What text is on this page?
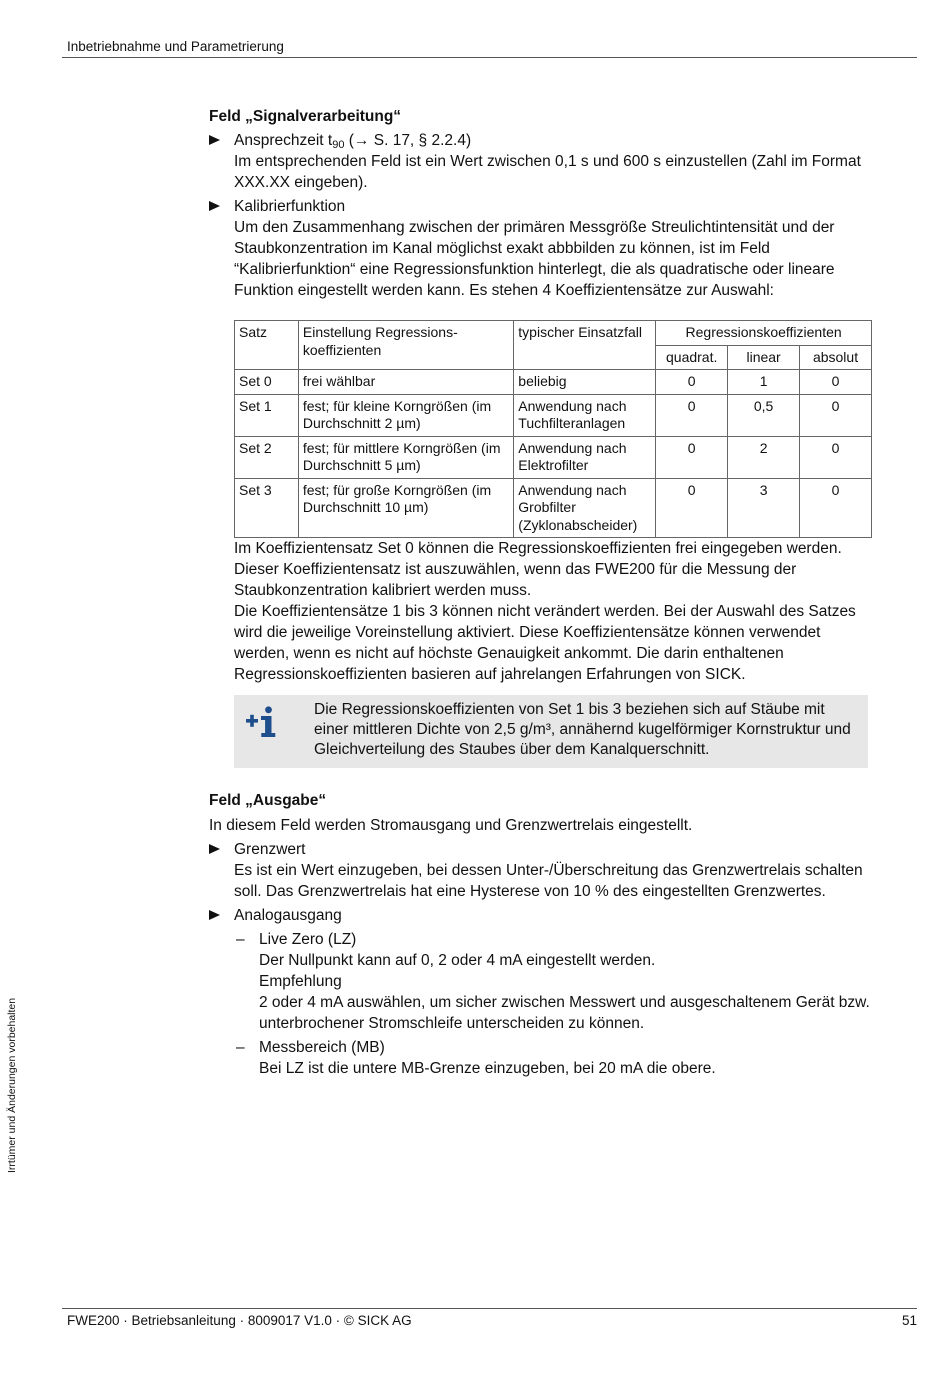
Inbetriebnahme und Parametrierung
Irrtümer und Änderungen vorbehalten

Feld „Signalverarbeitung“

Ansprechzeit $t_{90}$ (→ S. 17, § 2.2.4)

Im entsprechenden Feld ist ein Wert zwischen 0,1 s und 600 s einzustellen (Zahl im Format XXX.XX eingeben).

Kalibrierfunktion

Um den Zusammenhang zwischen der primären Messgröße Streulichtintensität und der Staubkonzentration im Kanal möglichst exakt abbbilden zu können, ist im Feld “Kalibrierfunktion“ eine Regressionsfunktion hinterlegt, die als quadratische oder lineare Funktion eingestellt werden kann. Es stehen 4 Koeffizientensätze zur Auswahl:

Satz	Einstellung Regressions-koeffizienten	typischer Einsatzfall	Regressionskoeffizienten		
			quadrat.	linear	absolut
Set 0	frei wählbar	beliebig	0	1	0
Set 1	fest; für kleine Korngrößen (im Durchschnitt 2 µm)	Anwendung nach Tuchfilteranlagen	0	0,5	0
Set 2	fest; für mittlere Korngrößen (im Durchschnitt 5 µm)	Anwendung nach Elektrofilter	0	2	0
Set 3	fest; für große Korngrößen (im Durchschnitt 10 µm)	Anwendung nach Grobfilter (Zyklonabscheider)	0	3	0

Im Koeffizientensatz Set 0 können die Regressionskoeffizienten frei eingegeben werden. Dieser Koeffizientensatz ist auszuwählen, wenn das FWE200 für die Messung der Staubkonzentration kalibriert werden muss.

Die Koeffizientensätze 1 bis 3 können nicht verändert werden. Bei der Auswahl des Satzes wird die jeweilige Voreinstellung aktiviert. Diese Koeffizientensätze können verwendet werden, wenn es nicht auf höchste Genauigkeit ankommt. Die darin enthaltenen Regressionskoeffizienten basieren auf jahrelangen Erfahrungen von SICK.

Die Regressionskoeffizienten von Set 1 bis 3 beziehen sich auf Stäube mit einer mittleren Dichte von 2,5 g/m³, annähernd kugelförmiger Kornstruktur und Gleichverteilung des Staubes über dem Kanalquerschnitt.

Feld „Ausgabe“

In diesem Feld werden Stromausgang und Grenzwertrelais eingestellt.

Grenzwert

Es ist ein Wert einzugeben, bei dessen Unter-/Überschreitung das Grenzwertrelais schalten soll. Das Grenzwertrelais hat eine Hysterese von 10 % des eingestellten Grenzwertes.

Analogausgang
– Live Zero (LZ)

Der Nullpunkt kann auf 0, 2 oder 4 mA eingestellt werden.

Empfehlung

2 oder 4 mA auswählen, um sicher zwischen Messwert und ausgeschaltenem Gerät bzw. unterbrochener Stromschleife unterscheiden zu können.

– Messbereich (MB)

Bei LZ ist die untere MB-Grenze einzugeben, bei 20 mA die obere.

FWE200 · Betriebsanleitung · 8009017 V1.0 · © SICK AG	51
